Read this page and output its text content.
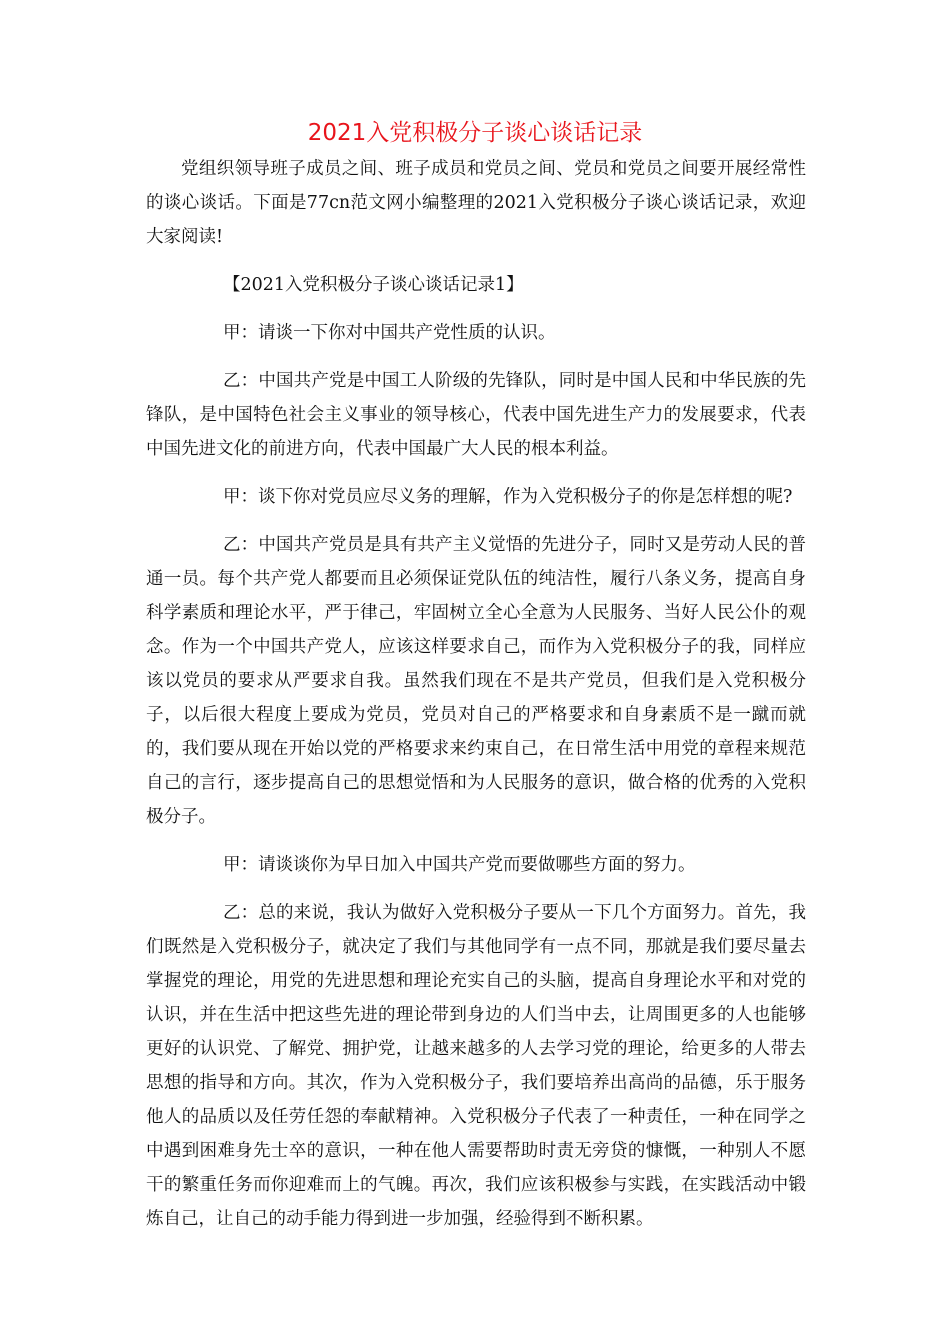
2021入党积极分子谈心谈话记录

党组织领导班子成员之间、班子成员和党员之间、党员和党员之间要开展经常性的谈心谈话。下面是77cn范文网小编整理的2021入党积极分子谈心谈话记录，欢迎大家阅读!

【2021入党积极分子谈心谈话记录1】

甲：请谈一下你对中国共产党性质的认识。

乙：中国共产党是中国工人阶级的先锋队，同时是中国人民和中华民族的先锋队，是中国特色社会主义事业的领导核心，代表中国先进生产力的发展要求，代表中国先进文化的前进方向，代表中国最广大人民的根本利益。

甲：谈下你对党员应尽义务的理解，作为入党积极分子的你是怎样想的呢?

乙：中国共产党员是具有共产主义觉悟的先进分子，同时又是劳动人民的普通一员。每个共产党人都要而且必须保证党队伍的纯洁性，履行八条义务，提高自身科学素质和理论水平，严于律己，牢固树立全心全意为人民服务、当好人民公仆的观念。作为一个中国共产党人，应该这样要求自己，而作为入党积极分子的我，同样应该以党员的要求从严要求自我。虽然我们现在不是共产党员，但我们是入党积极分子，以后很大程度上要成为党员，党员对自己的严格要求和自身素质不是一蹴而就的，我们要从现在开始以党的严格要求来约束自己，在日常生活中用党的章程来规范自己的言行，逐步提高自己的思想觉悟和为人民服务的意识，做合格的优秀的入党积极分子。

甲：请谈谈你为早日加入中国共产党而要做哪些方面的努力。

乙：总的来说，我认为做好入党积极分子要从一下几个方面努力。首先，我们既然是入党积极分子，就决定了我们与其他同学有一点不同，那就是我们要尽量去掌握党的理论，用党的先进思想和理论充实自己的头脑，提高自身理论水平和对党的认识，并在生活中把这些先进的理论带到身边的人们当中去，让周围更多的人也能够更好的认识党、了解党、拥护党，让越来越多的人去学习党的理论，给更多的人带去思想的指导和方向。其次，作为入党积极分子，我们要培养出高尚的品德，乐于服务他人的品质以及任劳任怨的奉献精神。入党积极分子代表了一种责任，一种在同学之中遇到困难身先士卒的意识，一种在他人需要帮助时责无旁贷的慷慨，一种别人不愿干的繁重任务而你迎难而上的气魄。再次，我们应该积极参与实践，在实践活动中锻炼自己，让自己的动手能力得到进一步加强，经验得到不断积累。
